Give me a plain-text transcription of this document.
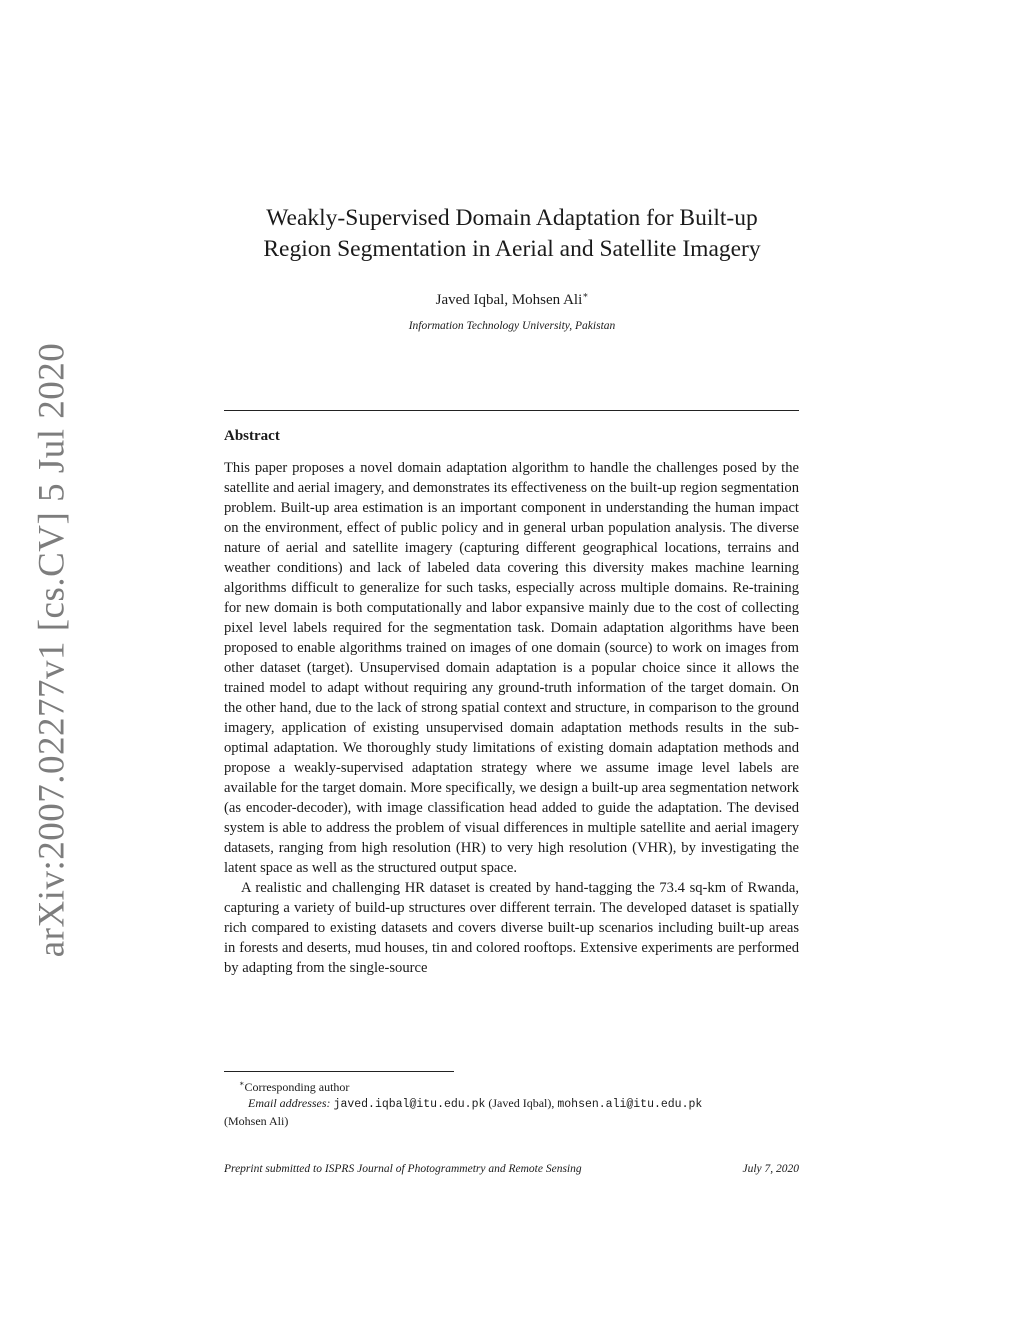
arXiv:2007.02277v1 [cs.CV] 5 Jul 2020
Weakly-Supervised Domain Adaptation for Built-up
Region Segmentation in Aerial and Satellite Imagery
Javed Iqbal, Mohsen Ali∗
Information Technology University, Pakistan
Abstract

This paper proposes a novel domain adaptation algorithm to handle the challenges posed by the satellite and aerial imagery, and demonstrates its effectiveness on the built-up region segmentation problem. Built-up area estimation is an important component in understanding the human impact on the environment, effect of public policy and in general urban population analysis. The diverse nature of aerial and satellite imagery (capturing different geographical locations, terrains and weather conditions) and lack of labeled data covering this diversity makes machine learning algorithms difficult to generalize for such tasks, especially across multiple domains. Re-training for new domain is both computationally and labor expansive mainly due to the cost of collecting pixel level labels required for the segmentation task. Domain adaptation algorithms have been proposed to enable algorithms trained on images of one domain (source) to work on images from other dataset (target). Unsupervised domain adaptation is a popular choice since it allows the trained model to adapt without requiring any ground-truth information of the target domain. On the other hand, due to the lack of strong spatial context and structure, in comparison to the ground imagery, application of existing unsupervised domain adaptation methods results in the sub-optimal adaptation. We thoroughly study limitations of existing domain adaptation methods and propose a weakly-supervised adaptation strategy where we assume image level labels are available for the target domain. More specifically, we design a built-up area segmentation network (as encoder-decoder), with image classification head added to guide the adaptation. The devised system is able to address the problem of visual differences in multiple satellite and aerial imagery datasets, ranging from high resolution (HR) to very high resolution (VHR), by investigating the latent space as well as the structured output space.

A realistic and challenging HR dataset is created by hand-tagging the 73.4 sq-km of Rwanda, capturing a variety of build-up structures over different terrain. The developed dataset is spatially rich compared to existing datasets and covers diverse built-up scenarios including built-up areas in forests and deserts, mud houses, tin and colored rooftops. Extensive experiments are performed by adapting from the single-source

∗Corresponding author
Email addresses: javed.iqbal@itu.edu.pk (Javed Iqbal), mohsen.ali@itu.edu.pk
(Mohsen Ali)
Preprint submitted to ISPRS Journal of Photogrammetry and Remote Sensing	July 7, 2020
